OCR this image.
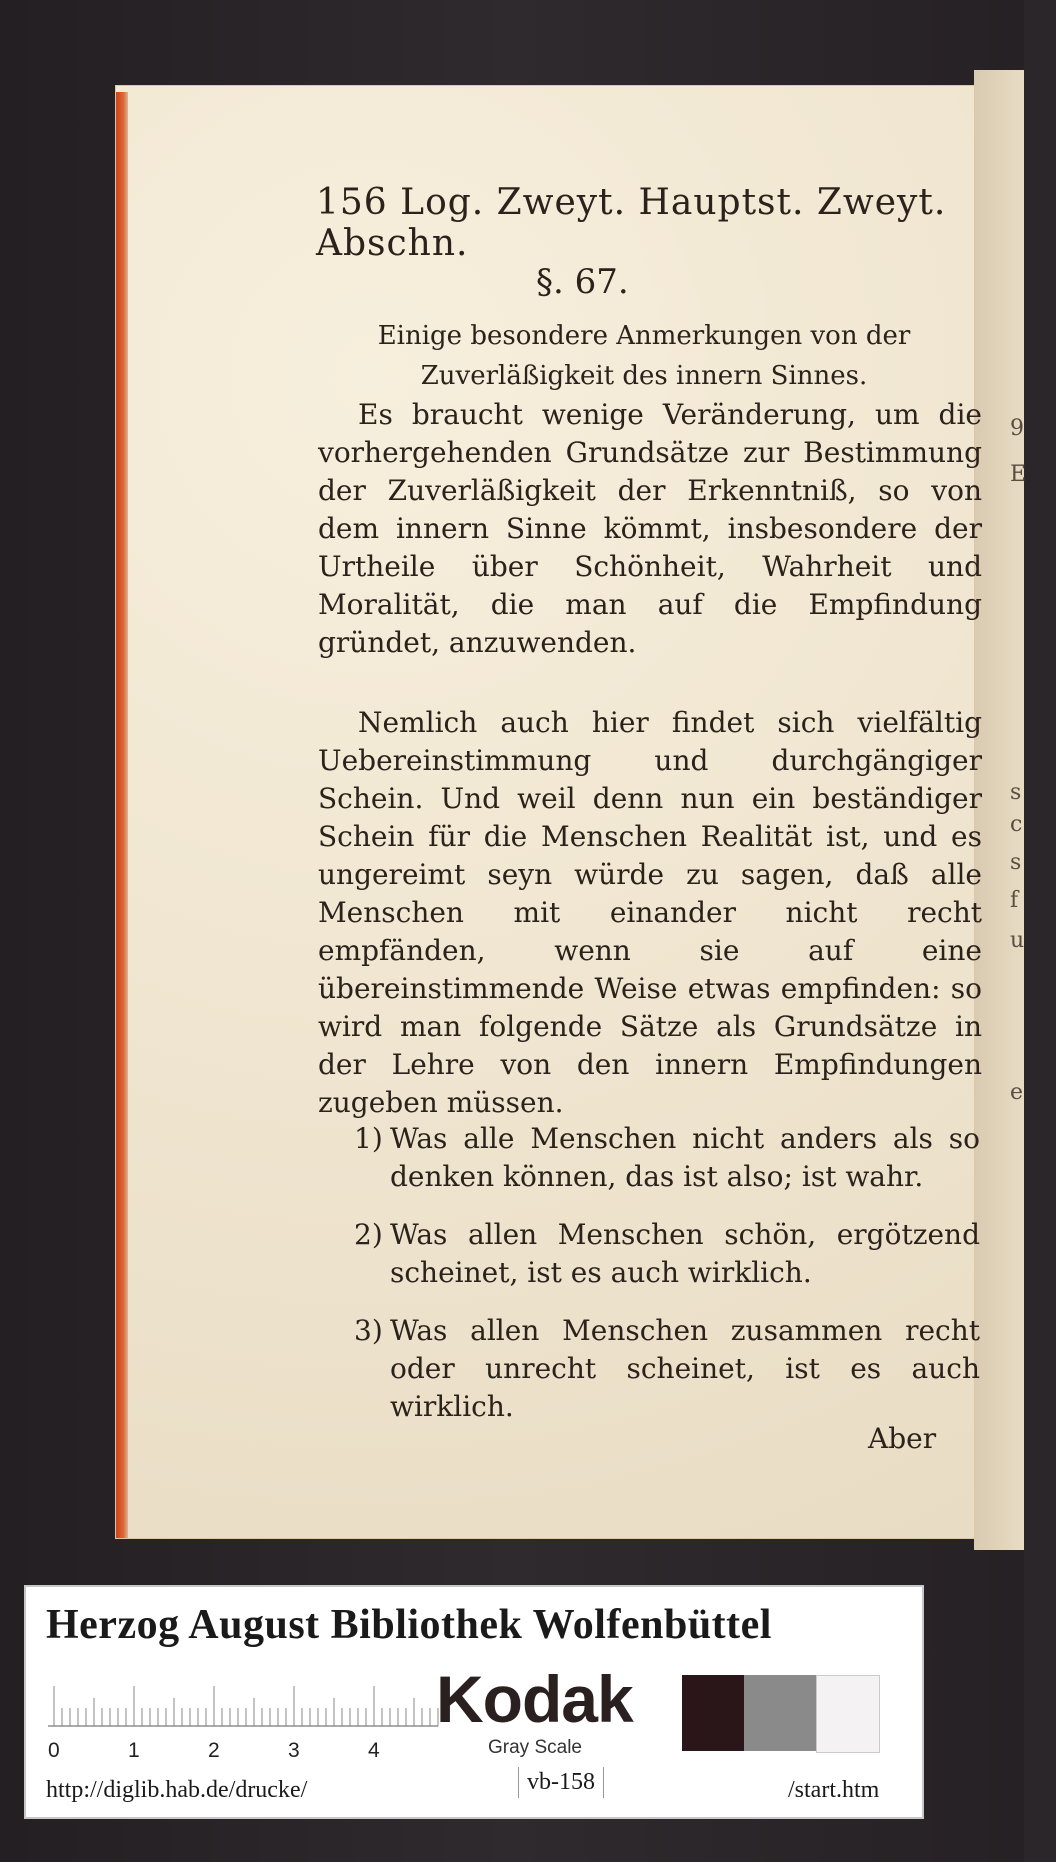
9
E
s
c
s
f
u
e
156 Log. Zweyt. Hauptst. Zweyt. Abschn.
§. 67.
Einige besondere Anmerkungen von der Zuverläßigkeit des innern Sinnes.
Es braucht wenige Veränderung, um die vorhergehenden Grundsätze zur Bestimmung der Zuverläßigkeit der Erkenntniß, so von dem innern Sinne kömmt, insbesondere der Urtheile über Schönheit, Wahrheit und Moralität, die man auf die Empfindung gründet, anzuwenden.
Nemlich auch hier findet sich vielfältig Uebereinstimmung und durchgängiger Schein. Und weil denn nun ein beständiger Schein für die Menschen Realität ist, und es ungereimt seyn würde zu sagen, daß alle Menschen mit einander nicht recht empfänden, wenn sie auf eine übereinstimmende Weise etwas empfinden: so wird man folgende Sätze als Grundsätze in der Lehre von den innern Empfindungen zugeben müssen.
1) Was alle Menschen nicht anders als so denken können, das ist also; ist wahr.
2) Was allen Menschen schön, ergötzend scheinet, ist es auch wirklich.
3) Was allen Menschen zusammen recht oder unrecht scheinet, ist es auch wirklich.
Aber
Herzog August Bibliothek Wolfenbüttel
0	1	2	3	4
Kodak
Gray Scale
http://diglib.hab.de/drucke/	vb-158	/start.htm
